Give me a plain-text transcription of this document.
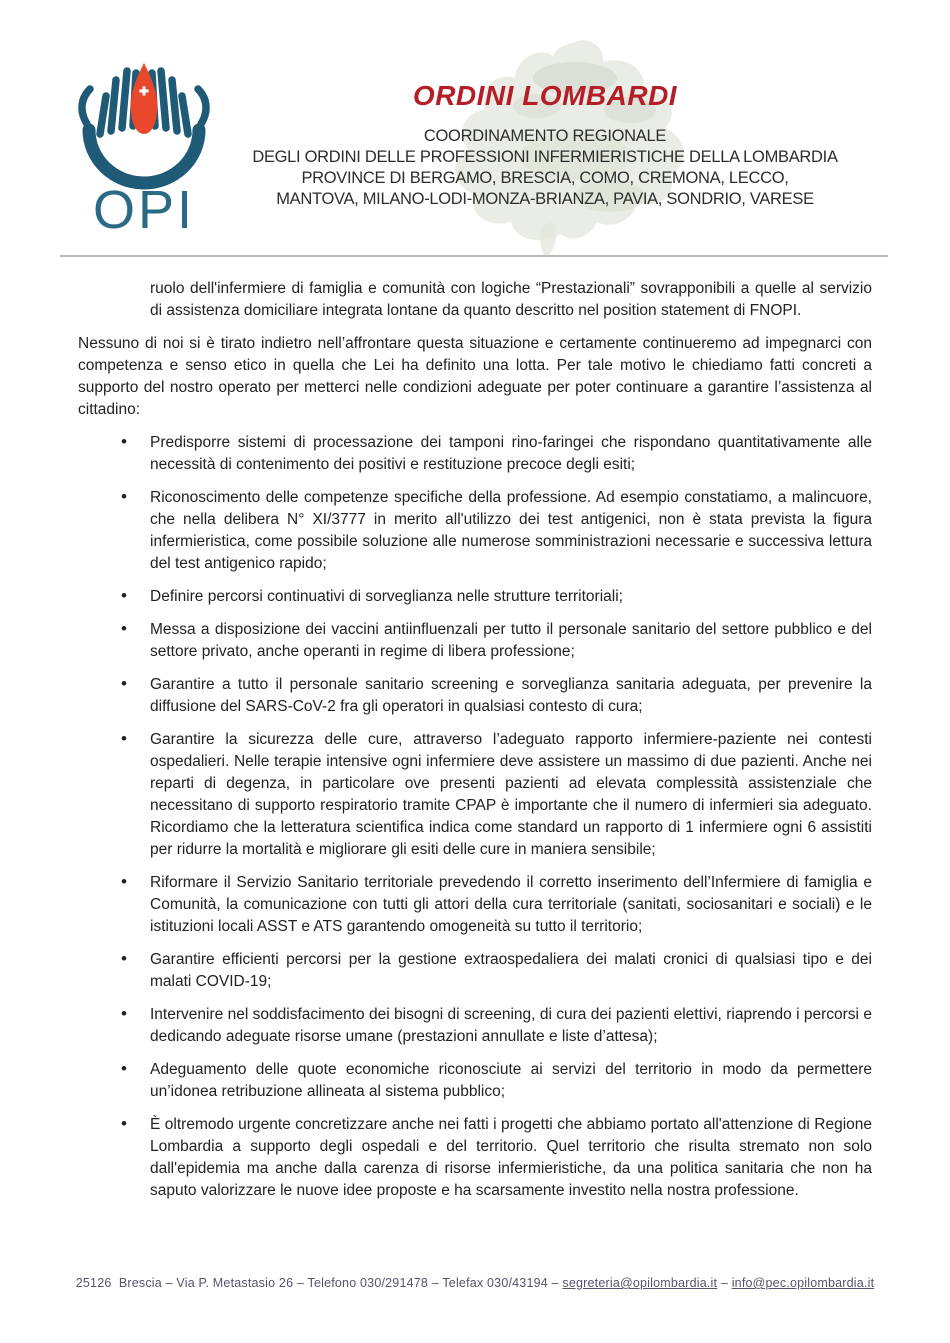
OPI
ORDINI LOMBARDI
COORDINAMENTO REGIONALE
DEGLI ORDINI DELLE PROFESSIONI INFERMIERISTICHE DELLA LOMBARDIA
PROVINCE DI BERGAMO, BRESCIA, COMO, CREMONA, LECCO,
MANTOVA, MILANO-LODI-MONZA-BRIANZA, PAVIA, SONDRIO, VARESE

ruolo dell'infermiere di famiglia e comunità con logiche “Prestazionali” sovrapponibili a quelle al servizio di assistenza domiciliare integrata lontane da quanto descritto nel position statement di FNOPI.

Nessuno di noi si è tirato indietro nell’affrontare questa situazione e certamente continueremo ad impegnarci con competenza e senso etico in quella che Lei ha definito una lotta. Per tale motivo le chiediamo fatti concreti a supporto del nostro operato per metterci nelle condizioni adeguate per poter continuare a garantire l’assistenza al cittadino:

• Predisporre sistemi di processazione dei tamponi rino-faringei che rispondano quantitativamente alle necessità di contenimento dei positivi e restituzione precoce degli esiti;
• Riconoscimento delle competenze specifiche della professione. Ad esempio constatiamo, a malincuore, che nella delibera N° XI/3777 in merito all'utilizzo dei test antigenici, non è stata prevista la figura infermieristica, come possibile soluzione alle numerose somministrazioni necessarie e successiva lettura del test antigenico rapido;
• Definire percorsi continuativi di sorveglianza nelle strutture territoriali;
• Messa a disposizione dei vaccini antiinfluenzali per tutto il personale sanitario del settore pubblico e del settore privato, anche operanti in regime di libera professione;
• Garantire a tutto il personale sanitario screening e sorveglianza sanitaria adeguata, per prevenire la diffusione del SARS-CoV-2 fra gli operatori in qualsiasi contesto di cura;
• Garantire la sicurezza delle cure, attraverso l’adeguato rapporto infermiere-paziente nei contesti ospedalieri. Nelle terapie intensive ogni infermiere deve assistere un massimo di due pazienti. Anche nei reparti di degenza, in particolare ove presenti pazienti ad elevata complessità assistenziale che necessitano di supporto respiratorio tramite CPAP è importante che il numero di infermieri sia adeguato. Ricordiamo che la letteratura scientifica indica come standard un rapporto di 1 infermiere ogni 6 assistiti per ridurre la mortalità e migliorare gli esiti delle cure in maniera sensibile;
• Riformare il Servizio Sanitario territoriale prevedendo il corretto inserimento dell’Infermiere di famiglia e Comunità, la comunicazione con tutti gli attori della cura territoriale (sanitati, sociosanitari e sociali) e le istituzioni locali ASST e ATS garantendo omogeneità su tutto il territorio;
• Garantire efficienti percorsi per la gestione extraospedaliera dei malati cronici di qualsiasi tipo e dei malati COVID-19;
• Intervenire nel soddisfacimento dei bisogni di screening, di cura dei pazienti elettivi, riaprendo i percorsi e dedicando adeguate risorse umane (prestazioni annullate e liste d’attesa);
• Adeguamento delle quote economiche riconosciute ai servizi del territorio in modo da permettere un’idonea retribuzione allineata al sistema pubblico;
• È oltremodo urgente concretizzare anche nei fatti i progetti che abbiamo portato all'attenzione di Regione Lombardia a supporto degli ospedali e del territorio. Quel territorio che risulta stremato non solo dall'epidemia ma anche dalla carenza di risorse infermieristiche, da una politica sanitaria che non ha saputo valorizzare le nuove idee proposte e ha scarsamente investito nella nostra professione.
25126  Brescia – Via P. Metastasio 26 – Telefono 030/291478 – Telefax 030/43194 – segreteria@opilombardia.it – info@pec.opilombardia.it
